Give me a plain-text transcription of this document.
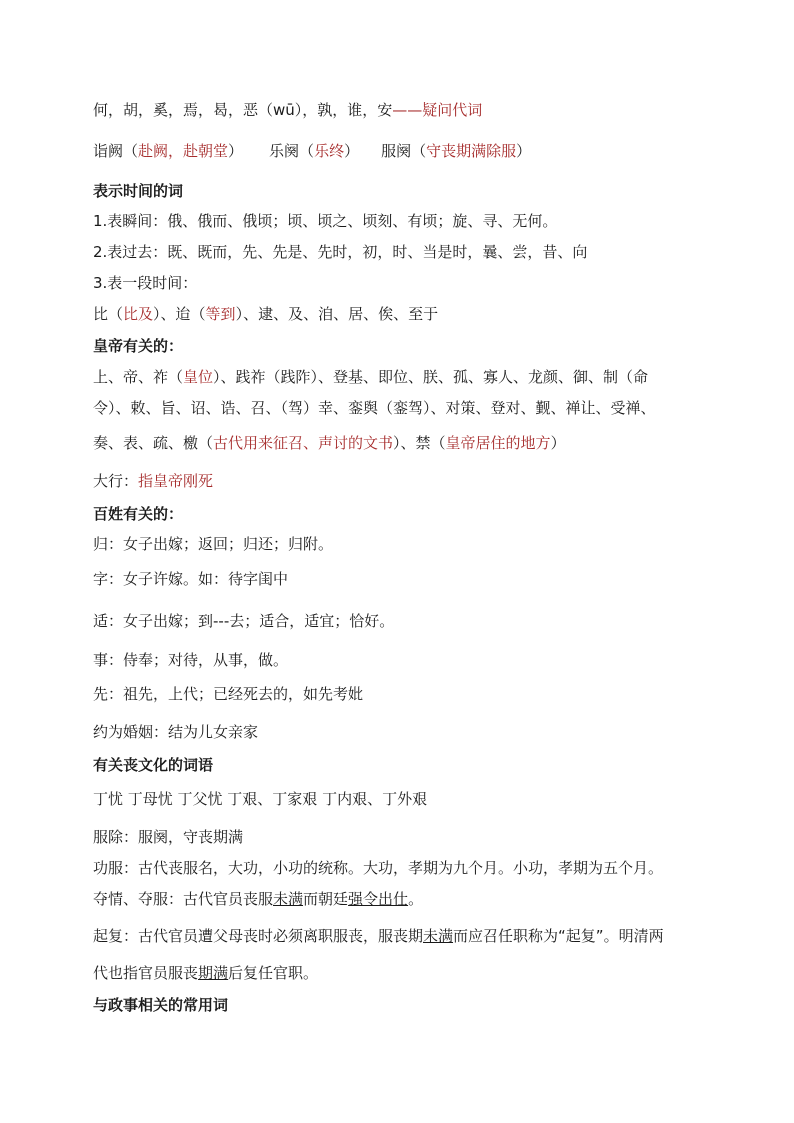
何，胡，奚，焉，曷，恶（wū），孰，谁，安——疑问代词
诣阙（赴阙，赴朝堂） 乐阕（乐终） 服阕（守丧期满除服）
表示时间的词
1.表瞬间：俄、俄而、俄顷；顷、顷之、顷刻、有顷；旋、寻、无何。
2.表过去：既、既而，先、先是、先时，初，时、当是时，曩、尝，昔、向
3.表一段时间：
比（比及）、迨（等到）、逮、及、洎、居、俟、至于
皇帝有关的：
上、帝、祚（皇位）、践祚（践阼）、登基、即位、朕、孤、寡人、龙颜、御、制（命
令）、敕、旨、诏、诰、召、（驾）幸、銮舆（銮驾）、对策、登对、觐、禅让、受禅、
奏、表、疏、檄（古代用来征召、声讨的文书）、禁（皇帝居住的地方）
大行：指皇帝刚死
百姓有关的：
归：女子出嫁；返回；归还；归附。
字：女子许嫁。如：待字闺中
适：女子出嫁；到---去；适合，适宜；恰好。
事：侍奉；对待，从事，做。
先：祖先，上代；已经死去的，如先考妣
约为婚姻：结为儿女亲家
有关丧文化的词语
丁忧 丁母忧 丁父忧 丁艰、丁家艰 丁内艰、丁外艰
服除：服阕，守丧期满
功服：古代丧服名，大功，小功的统称。大功，孝期为九个月。小功，孝期为五个月。
夺情、夺服：古代官员丧服未满而朝廷强令出仕。
起复：古代官员遭父母丧时必须离职服丧，服丧期未满而应召任职称为“起复”。明清两
代也指官员服丧期满后复任官职。
与政事相关的常用词
